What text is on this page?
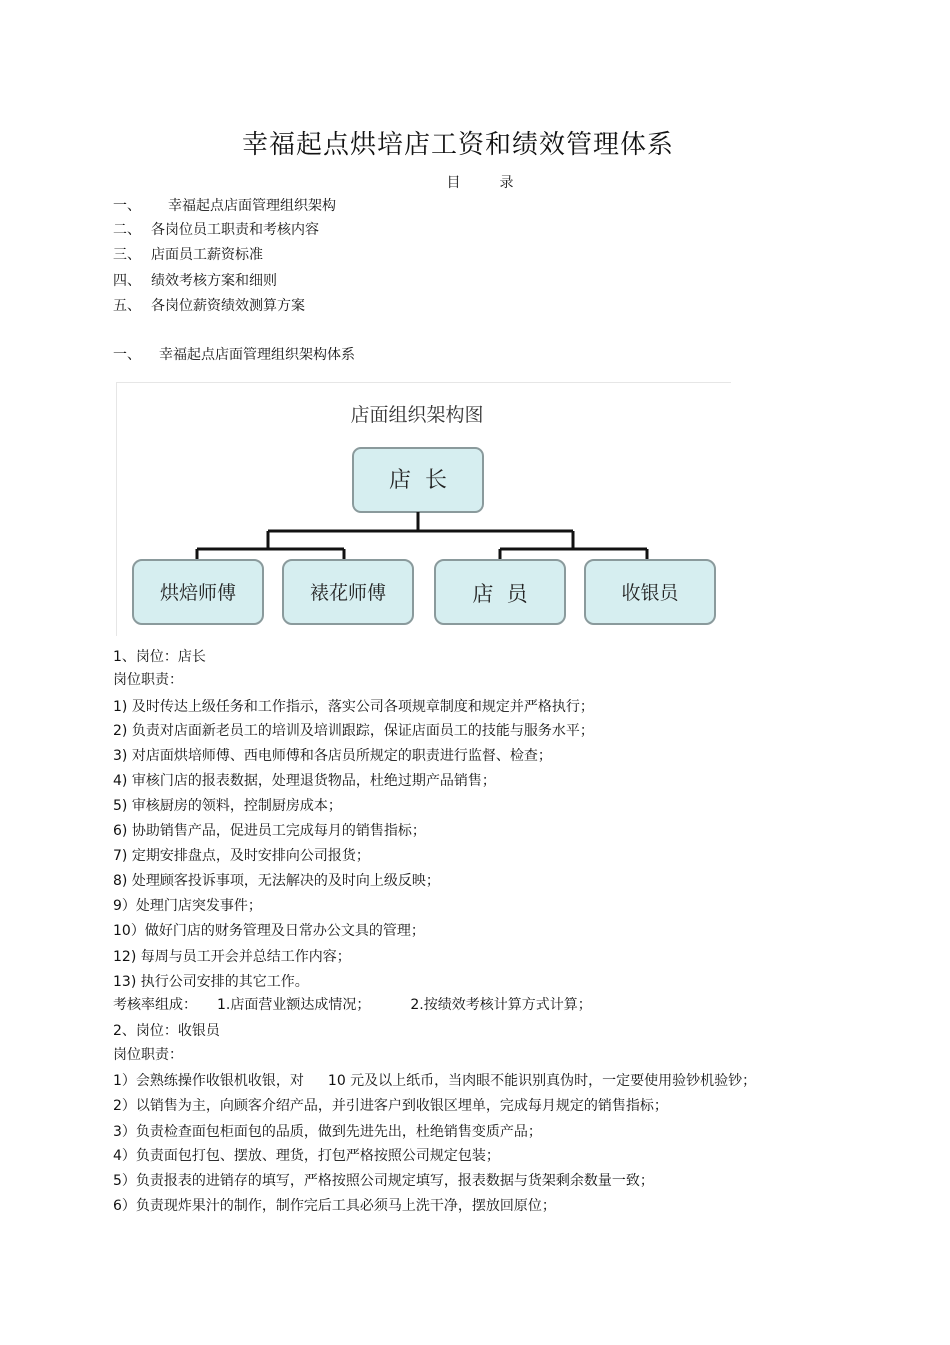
幸福起点烘培店工资和绩效管理体系
目	录
一、 幸福起点店面管理组织架构
二、 各岗位员工职责和考核内容
三、 店面员工薪资标准
四、 绩效考核方案和细则
五、 各岗位薪资绩效测算方案
一、 幸福起点店面管理组织架构体系
店面组织架构图
店  长
烘焙师傅	裱花师傅	店  员	收银员
1、岗位：店长
岗位职责：
1) 及时传达上级任务和工作指示，落实公司各项规章制度和规定并严格执行；
2) 负责对店面新老员工的培训及培训跟踪，保证店面员工的技能与服务水平；
3) 对店面烘培师傅、西电师傅和各店员所规定的职责进行监督、检查；
4) 审核门店的报表数据，处理退货物品，杜绝过期产品销售；
5) 审核厨房的领料，控制厨房成本；
6) 协助销售产品，促进员工完成每月的销售指标；
7) 定期安排盘点，及时安排向公司报货；
8) 处理顾客投诉事项，无法解决的及时向上级反映；
9）处理门店突发事件；
10）做好门店的财务管理及日常办公文具的管理；
12) 每周与员工开会并总结工作内容；
13) 执行公司安排的其它工作。
考核率组成： 1.店面营业额达成情况；	2.按绩效考核计算方式计算；
2、岗位：收银员
岗位职责：
1）会熟练操作收银机收银，对 10 元及以上纸币，当肉眼不能识别真伪时，一定要使用验钞机验钞；
2）以销售为主，向顾客介绍产品，并引进客户到收银区埋单，完成每月规定的销售指标；
3）负责检查面包柜面包的品质，做到先进先出，杜绝销售变质产品；
4）负责面包打包、摆放、理货，打包严格按照公司规定包装；
5）负责报表的进销存的填写，严格按照公司规定填写，报表数据与货架剩余数量一致；
6）负责现炸果汁的制作，制作完后工具必须马上洗干净，摆放回原位；
